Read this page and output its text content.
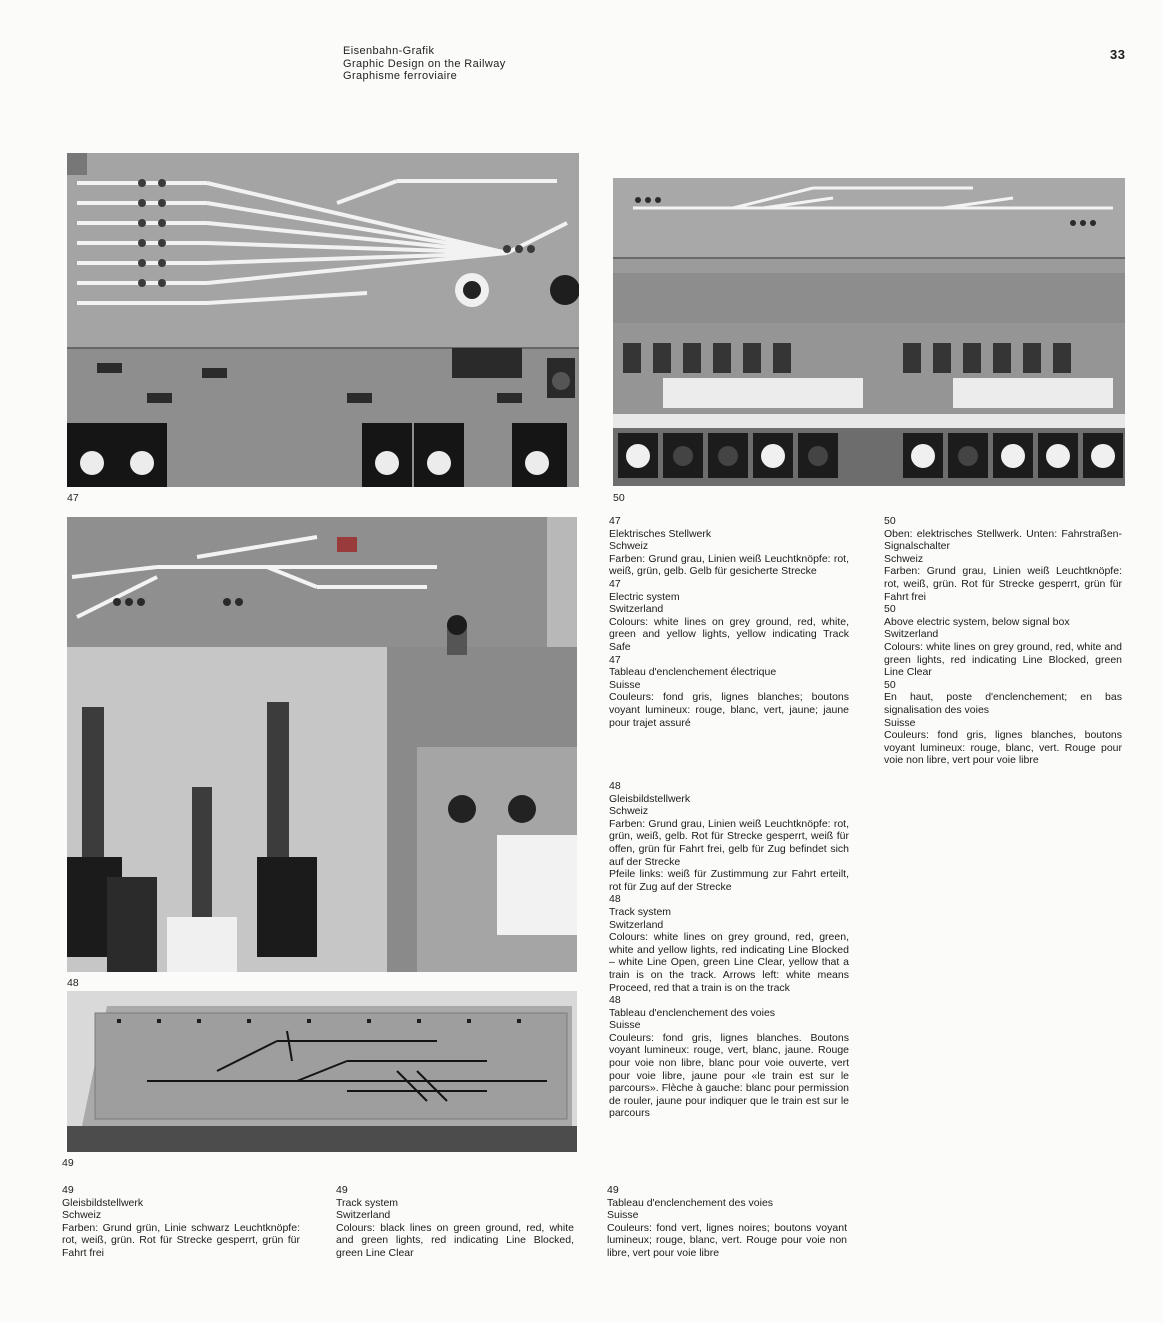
Eisenbahn-Grafik
Graphic Design on the Railway
Graphisme ferroviaire
33
47	50
48
49

47

Elektrisches Stellwerk

Schweiz

Farben: Grund grau, Linien weiß Leuchtknöpfe: rot, weiß, grün, gelb. Gelb für gesicherte Strecke

47

Electric system

Switzerland

Colours: white lines on grey ground, red, white, green and yellow lights, yellow indicating Track Safe

47

Tableau d'enclenchement électrique

Suisse

Couleurs: fond gris, lignes blanches; boutons voyant lumineux: rouge, blanc, vert, jaune; jaune pour trajet assuré

50

Oben: elektrisches Stellwerk. Unten: Fahrstraßen-Signalschalter

Schweiz

Farben: Grund grau, Linien weiß Leuchtknöpfe: rot, weiß, grün. Rot für Strecke gesperrt, grün für Fahrt frei

50

Above electric system, below signal box

Switzerland

Colours: white lines on grey ground, red, white and green lights, red indicating Line Blocked, green Line Clear

50

En haut, poste d'enclenchement; en bas signalisation des voies

Suisse

Couleurs: fond gris, lignes blanches, boutons voyant lumineux: rouge, blanc, vert. Rouge pour voie non libre, vert pour voie libre

48

Gleisbildstellwerk

Schweiz

Farben: Grund grau, Linien weiß Leuchtknöpfe: rot, grün, weiß, gelb. Rot für Strecke gesperrt, weiß für offen, grün für Fahrt frei, gelb für Zug befindet sich auf der Strecke

Pfeile links: weiß für Zustimmung zur Fahrt erteilt, rot für Zug auf der Strecke

48

Track system

Switzerland

Colours: white lines on grey ground, red, green, white and yellow lights, red indicating Line Blocked – white Line Open, green Line Clear, yellow that a train is on the track. Arrows left: white means Proceed, red that a train is on the track

48

Tableau d'enclenchement des voies

Suisse

Couleurs: fond gris, lignes blanches. Boutons voyant lumineux: rouge, vert, blanc, jaune. Rouge pour voie non libre, blanc pour voie ouverte, vert pour voie libre, jaune pour «le train est sur le parcours». Flèche à gauche: blanc pour permission de rouler, jaune pour indiquer que le train est sur le parcours

49

Gleisbildstellwerk

Schweiz

Farben: Grund grün, Linie schwarz Leuchtknöpfe: rot, weiß, grün. Rot für Strecke gesperrt, grün für Fahrt frei

49

Track system

Switzerland

Colours: black lines on green ground, red, white and green lights, red indicating Line Blocked, green Line Clear

49

Tableau d'enclenchement des voies

Suisse

Couleurs: fond vert, lignes noires; boutons voyant lumineux; rouge, blanc, vert. Rouge pour voie non libre, vert pour voie libre
